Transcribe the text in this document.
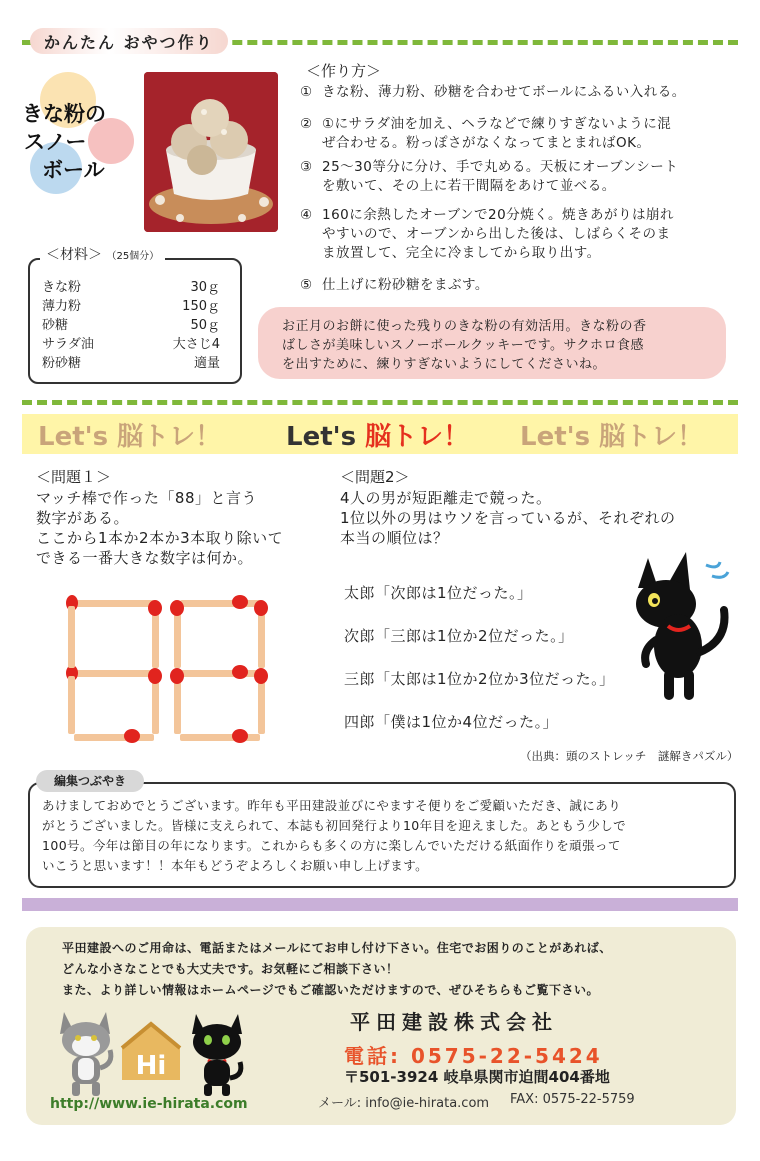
かんたん おやつ作り
きな粉の
スノー
ボール
＜作り方＞
① きな粉、薄力粉、砂糖を合わせてボールにふるい入れる。
② ①にサラダ油を加え、ヘラなどで練りすぎないように混
ぜ合わせる。粉っぽさがなくなってまとまればOK。
③ 25～30等分に分け、手で丸める。天板にオーブンシート
を敷いて、その上に若干間隔をあけて並べる。
④ 160に余熱したオーブンで20分焼く。焼きあがりは崩れ
やすいので、オーブンから出した後は、しばらくそのま
ま放置して、完全に冷ましてから取り出す。
⑤ 仕上げに粉砂糖をまぶす。
＜材料＞ （25個分）
きな粉	30ｇ
薄力粉	150ｇ
砂糖	50ｇ
サラダ油	大さじ4
粉砂糖	適量
お正月のお餅に使った残りのきな粉の有効活用。きな粉の香
ばしさが美味しいスノーボールクッキーです。サクホロ食感
を出すために、練りすぎないようにしてくださいね。
Let's 脳トレ！ Let's 脳トレ！ Let's 脳トレ！
＜問題１＞
マッチ棒で作った「88」と言う
数字がある。
ここから1本か2本か3本取り除いて
できる一番大きな数字は何か。
＜問題2＞
4人の男が短距離走で競った。
1位以外の男はウソを言っているが、それぞれの
本当の順位は？
太郎「次郎は1位だった。」
次郎「三郎は1位か2位だった。」
三郎「太郎は1位か2位か3位だった。」
四郎「僕は1位か4位だった。」
（出典：頭のストレッチ　謎解きパズル）
編集つぶやき
あけましておめでとうございます。昨年も平田建設並びにやますそ便りをご愛顧いただき、誠にあり
がとうございました。皆様に支えられて、本誌も初回発行より10年目を迎えました。あともう少しで
100号。今年は節目の年になります。これからも多くの方に楽しんでいただける紙面作りを頑張って
いこうと思います！！本年もどうぞよろしくお願い申し上げます。
平田建設へのご用命は、電話またはメールにてお申し付け下さい。住宅でお困りのことがあれば、
どんな小さなことでも大丈夫です。お気軽にご相談下さい！
また、より詳しい情報はホームページでもご確認いただけますので、ぜひそちらもご覧下さい。
Hi
平田建設株式会社
電話: 0575-22-5424
〒501-3924 岐阜県関市迫間404番地
メール: info@ie-hirata.com FAX: 0575-22-5759
http://www.ie-hirata.com
